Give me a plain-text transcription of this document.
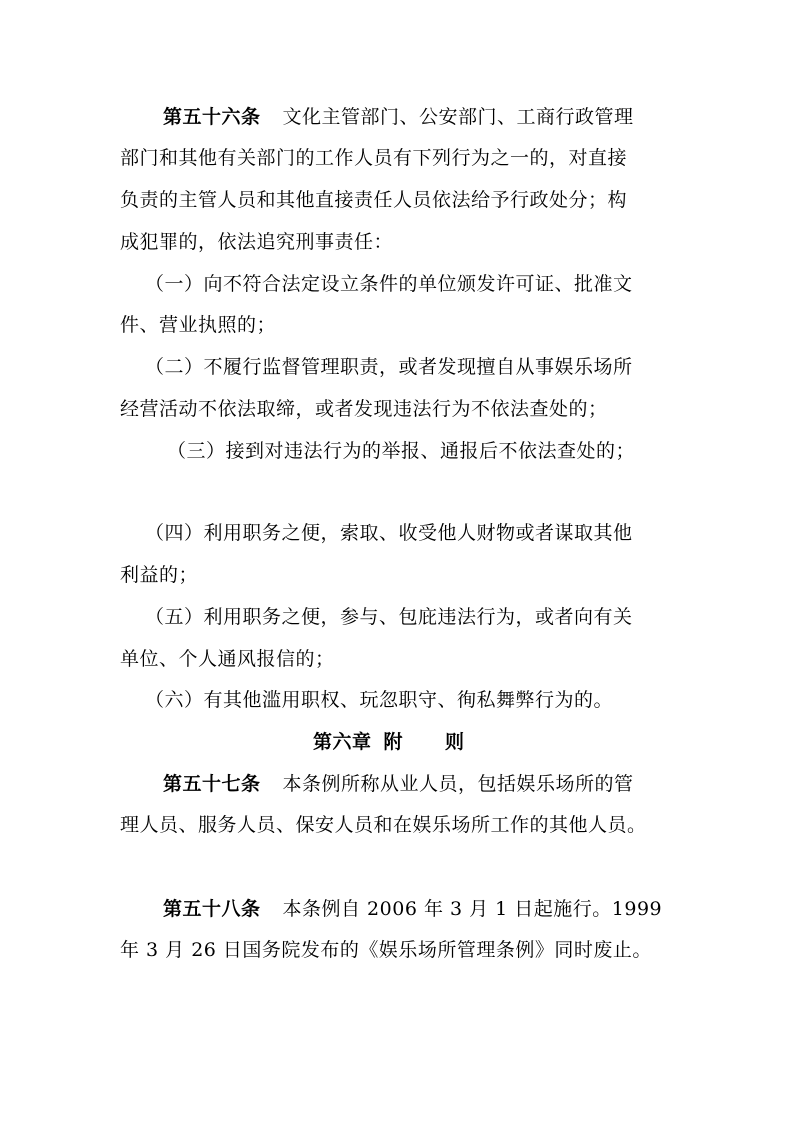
第五十六条 文化主管部门、公安部门、工商行政管理
部门和其他有关部门的工作人员有下列行为之一的，对直接
负责的主管人员和其他直接责任人员依法给予行政处分；构
成犯罪的，依法追究刑事责任：
（一）向不符合法定设立条件的单位颁发许可证、批准文
件、营业执照的；
（二）不履行监督管理职责，或者发现擅自从事娱乐场所
经营活动不依法取缔，或者发现违法行为不依法查处的；
（三）接到对违法行为的举报、通报后不依法查处的；
（四）利用职务之便，索取、收受他人财物或者谋取其他
利益的；
（五）利用职务之便，参与、包庇违法行为，或者向有关
单位、个人通风报信的；
（六）有其他滥用职权、玩忽职守、徇私舞弊行为的。
第六章 附 则
第五十七条 本条例所称从业人员，包括娱乐场所的管
理人员、服务人员、保安人员和在娱乐场所工作的其他人员。
第五十八条 本条例自 2006 年 3 月 1 日起施行。1999
年 3 月 26 日国务院发布的《娱乐场所管理条例》同时废止。
